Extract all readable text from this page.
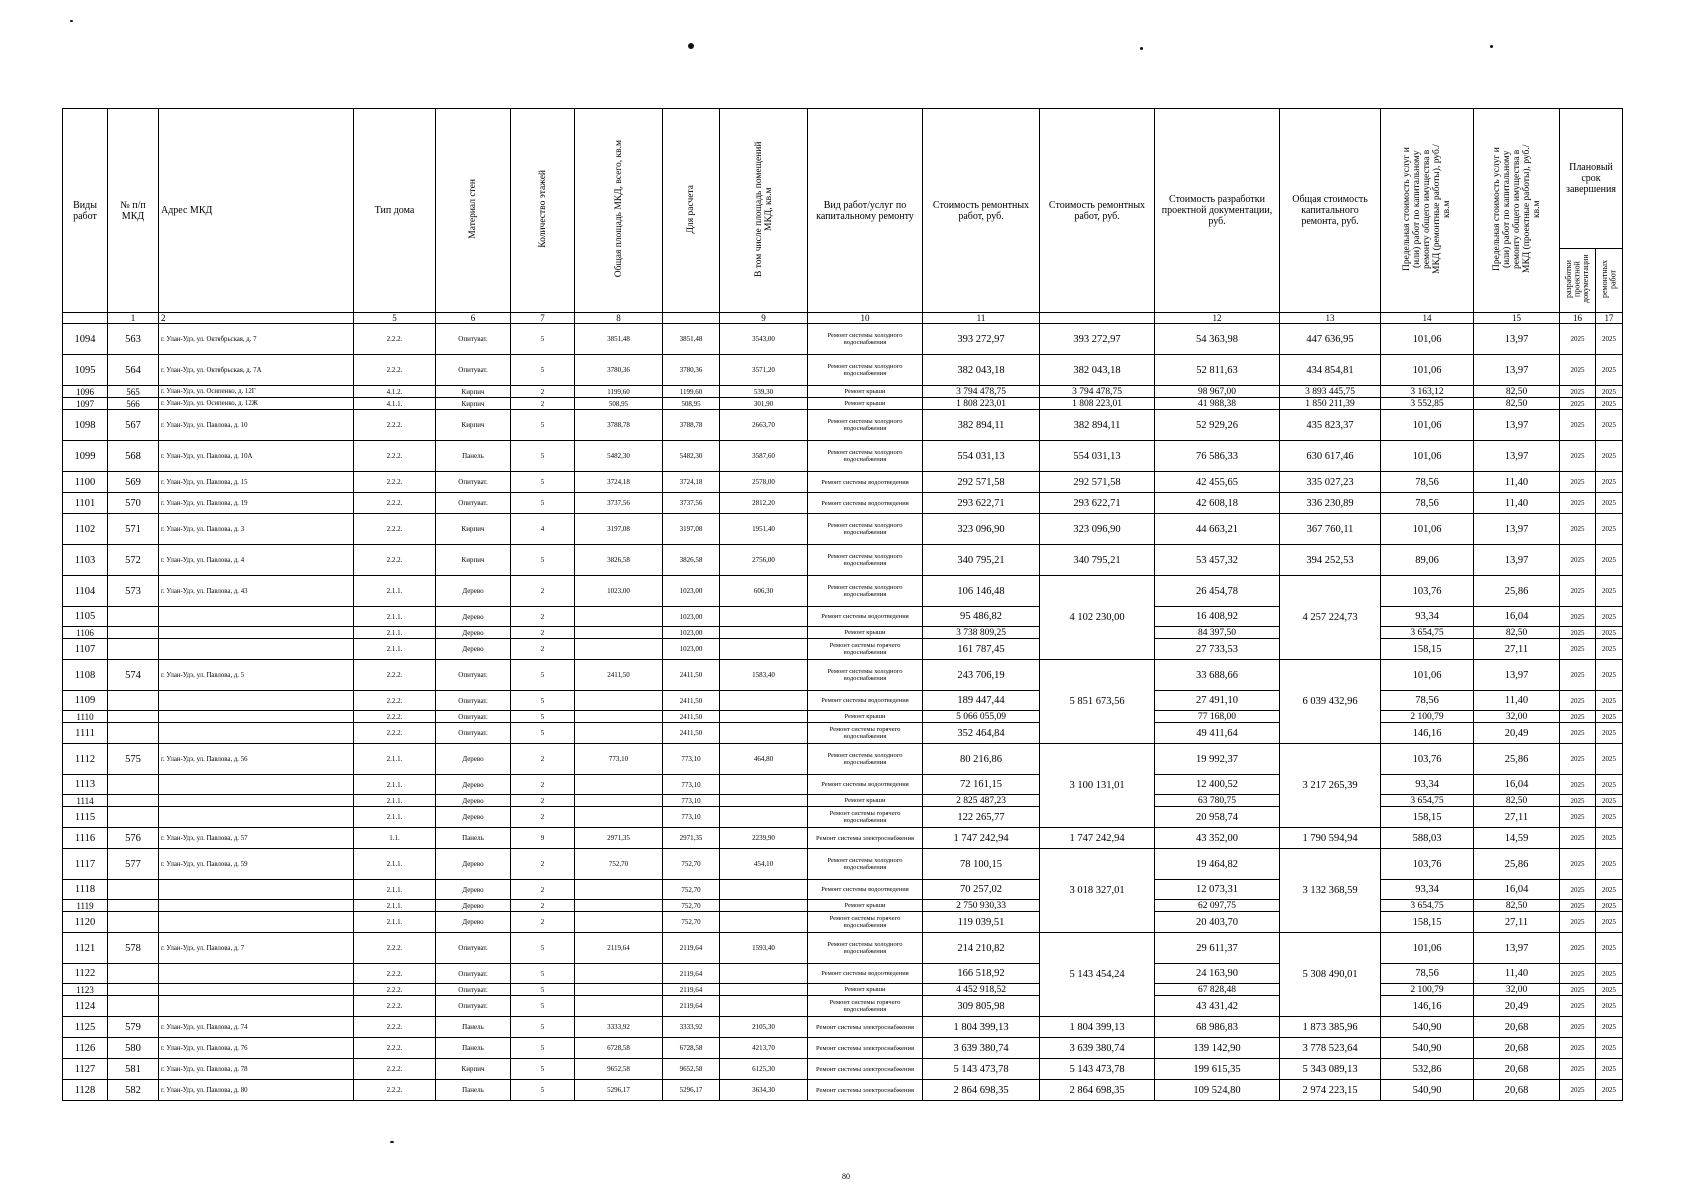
Виды работ	№ п/п МКД	Адрес МКД	Тип дома	Материал стен	Количество этажей	Общая площадь МКД, всего, кв.м	Для расчета	В том числе площадь помещений МКД, кв.м	Вид работ/услуг по капитальному ремонту	Стоимость ремонтных работ, руб.	Стоимость ремонтных работ, руб.	Стоимость разработки проектной документации, руб.	Общая стоимость капитального ремонта, руб.	Предельная стоимость услуг и (или) работ по капитальному ремонту общего имущества в МКД (ремонтные работы), руб./кв.м	Предельная стоимость услуг и (или) работ по капитальному ремонту общего имущества в МКД (проектные работы), руб./кв.м	Плановый срок завершения	
																разработки проектной документации	ремонтных работ
	1	2	5	6	7	8		9	10	11		12	13	14	15	16	17
1094	563	г. Улан-Удэ, ул. Октябрьская, д. 7	2.2.2.	Опитуват.	5	3851,48	3851,48	3543,00	Ремонт системы холодного водоснабжения	393 272,97	393 272,97	54 363,98	447 636,95	101,06	13,97	2025	2025
1095	564	г. Улан-Удэ, ул. Октябрьская, д. 7А	2.2.2.	Опитуват.	5	3780,36	3780,36	3571,20	Ремонт системы холодного водоснабжения	382 043,18	382 043,18	52 811,63	434 854,81	101,06	13,97	2025	2025
1096	565	г. Улан-Удэ, ул. Осипенко, д. 12Г	4.1.2.	Кирпич	2	1199,60	1199,60	539,30	Ремонт крыши	3 794 478,75	3 794 478,75	98 967,00	3 893 445,75	3 163,12	82,50	2025	2025
1097	566	г. Улан-Удэ, ул. Осипенко, д. 12Ж	4.1.1.	Кирпич	2	508,95	508,95	301,90	Ремонт крыши	1 808 223,01	1 808 223,01	41 988,38	1 850 211,39	3 552,85	82,50	2025	2025
1098	567	г. Улан-Удэ, ул. Павлова, д. 10	2.2.2.	Кирпич	5	3788,78	3788,78	2663,70	Ремонт системы холодного водоснабжения	382 894,11	382 894,11	52 929,26	435 823,37	101,06	13,97	2025	2025
1099	568	г. Улан-Удэ, ул. Павлова, д. 10А	2.2.2.	Панель	5	5482,30	5482,30	3587,60	Ремонт системы холодного водоснабжения	554 031,13	554 031,13	76 586,33	630 617,46	101,06	13,97	2025	2025
1100	569	г. Улан-Удэ, ул. Павлова, д. 15	2.2.2.	Опитуват.	5	3724,18	3724,18	2578,00	Ремонт системы водоотведения	292 571,58	292 571,58	42 455,65	335 027,23	78,56	11,40	2025	2025
1101	570	г. Улан-Удэ, ул. Павлова, д. 19	2.2.2.	Опитуват.	5	3737,56	3737,56	2812,20	Ремонт системы водоотведения	293 622,71	293 622,71	42 608,18	336 230,89	78,56	11,40	2025	2025
1102	571	г. Улан-Удэ, ул. Павлова, д. 3	2.2.2.	Кирпич	4	3197,08	3197,08	1951,40	Ремонт системы холодного водоснабжения	323 096,90	323 096,90	44 663,21	367 760,11	101,06	13,97	2025	2025
1103	572	г. Улан-Удэ, ул. Павлова, д. 4	2.2.2.	Кирпич	5	3826,58	3826,58	2756,00	Ремонт системы холодного водоснабжения	340 795,21	340 795,21	53 457,32	394 252,53	89,06	13,97	2025	2025
1104	573	г. Улан-Удэ, ул. Павлова, д. 43	2.1.1.	Дерево	2	1023,00	1023,00	606,30	Ремонт системы холодного водоснабжения	106 146,48	4 102 230,00	26 454,78	4 257 224,73	103,76	25,86	2025	2025
1105			2.1.1.	Дерево	2		1023,00		Ремонт системы водоотведения	95 486,82		16 408,92		93,34	16,04	2025	2025
1106			2.1.1.	Дерево	2		1023,00		Ремонт крыши	3 738 809,25		84 397,50		3 654,75	82,50	2025	2025
1107			2.1.1.	Дерево	2		1023,00		Ремонт системы горячего водоснабжения	161 787,45		27 733,53		158,15	27,11	2025	2025
1108	574	г. Улан-Удэ, ул. Павлова, д. 5	2.2.2.	Опитуват.	5	2411,50	2411,50	1583,40	Ремонт системы холодного водоснабжения	243 706,19	5 851 673,56	33 688,66	6 039 432,96	101,06	13,97	2025	2025
1109			2.2.2.	Опитуват.	5		2411,50		Ремонт системы водоотведения	189 447,44		27 491,10		78,56	11,40	2025	2025
1110			2.2.2.	Опитуват.	5		2411,50		Ремонт крыши	5 066 055,09		77 168,00		2 100,79	32,00	2025	2025
1111			2.2.2.	Опитуват.	5		2411,50		Ремонт системы горячего водоснабжения	352 464,84		49 411,64		146,16	20,49	2025	2025
1112	575	г. Улан-Удэ, ул. Павлова, д. 56	2.1.1.	Дерево	2	773,10	773,10	464,80	Ремонт системы холодного водоснабжения	80 216,86	3 100 131,01	19 992,37	3 217 265,39	103,76	25,86	2025	2025
1113			2.1.1.	Дерево	2		773,10		Ремонт системы водоотведения	72 161,15		12 400,52		93,34	16,04	2025	2025
1114			2.1.1.	Дерево	2		773,10		Ремонт крыши	2 825 487,23		63 780,75		3 654,75	82,50	2025	2025
1115			2.1.1.	Дерево	2		773,10		Ремонт системы горячего водоснабжения	122 265,77		20 958,74		158,15	27,11	2025	2025
1116	576	г. Улан-Удэ, ул. Павлова, д. 57	1.1.	Панель	9	2971,35	2971,35	2239,90	Ремонт системы электроснабжения	1 747 242,94	1 747 242,94	43 352,00	1 790 594,94	588,03	14,59	2025	2025
1117	577	г. Улан-Удэ, ул. Павлова, д. 59	2.1.1.	Дерево	2	752,70	752,70	454,10	Ремонт системы холодного водоснабжения	78 100,15	3 018 327,01	19 464,82	3 132 368,59	103,76	25,86	2025	2025
1118			2.1.1.	Дерево	2		752,70		Ремонт системы водоотведения	70 257,02		12 073,31		93,34	16,04	2025	2025
1119			2.1.1.	Дерево	2		752,70		Ремонт крыши	2 750 930,33		62 097,75		3 654,75	82,50	2025	2025
1120			2.1.1.	Дерево	2		752,70		Ремонт системы горячего водоснабжения	119 039,51		20 403,70		158,15	27,11	2025	2025
1121	578	г. Улан-Удэ, ул. Павлова, д. 7	2.2.2.	Опитуват.	5	2119,64	2119,64	1593,40	Ремонт системы холодного водоснабжения	214 210,82	5 143 454,24	29 611,37	5 308 490,01	101,06	13,97	2025	2025
1122			2.2.2.	Опитуват.	5		2119,64		Ремонт системы водоотведения	166 518,92		24 163,90		78,56	11,40	2025	2025
1123			2.2.2.	Опитуват.	5		2119,64		Ремонт крыши	4 452 918,52		67 828,48		2 100,79	32,00	2025	2025
1124			2.2.2.	Опитуват.	5		2119,64		Ремонт системы горячего водоснабжения	309 805,98		43 431,42		146,16	20,49	2025	2025
1125	579	г. Улан-Удэ, ул. Павлова, д. 74	2.2.2.	Панель	5	3333,92	3333,92	2105,30	Ремонт системы электроснабжения	1 804 399,13	1 804 399,13	68 986,83	1 873 385,96	540,90	20,68	2025	2025
1126	580	г. Улан-Удэ, ул. Павлова, д. 76	2.2.2.	Панель	5	6728,58	6728,58	4213,70	Ремонт системы электроснабжения	3 639 380,74	3 639 380,74	139 142,90	3 778 523,64	540,90	20,68	2025	2025
1127	581	г. Улан-Удэ, ул. Павлова, д. 78	2.2.2.	Кирпич	5	9652,58	9652,58	6125,30	Ремонт системы электроснабжения	5 143 473,78	5 143 473,78	199 615,35	5 343 089,13	532,86	20,68	2025	2025
1128	582	г. Улан-Удэ, ул. Павлова, д. 80	2.2.2.	Панель	5	5296,17	5296,17	3634,30	Ремонт системы электроснабжения	2 864 698,35	2 864 698,35	109 524,80	2 974 223,15	540,90	20,68	2025	2025
80
